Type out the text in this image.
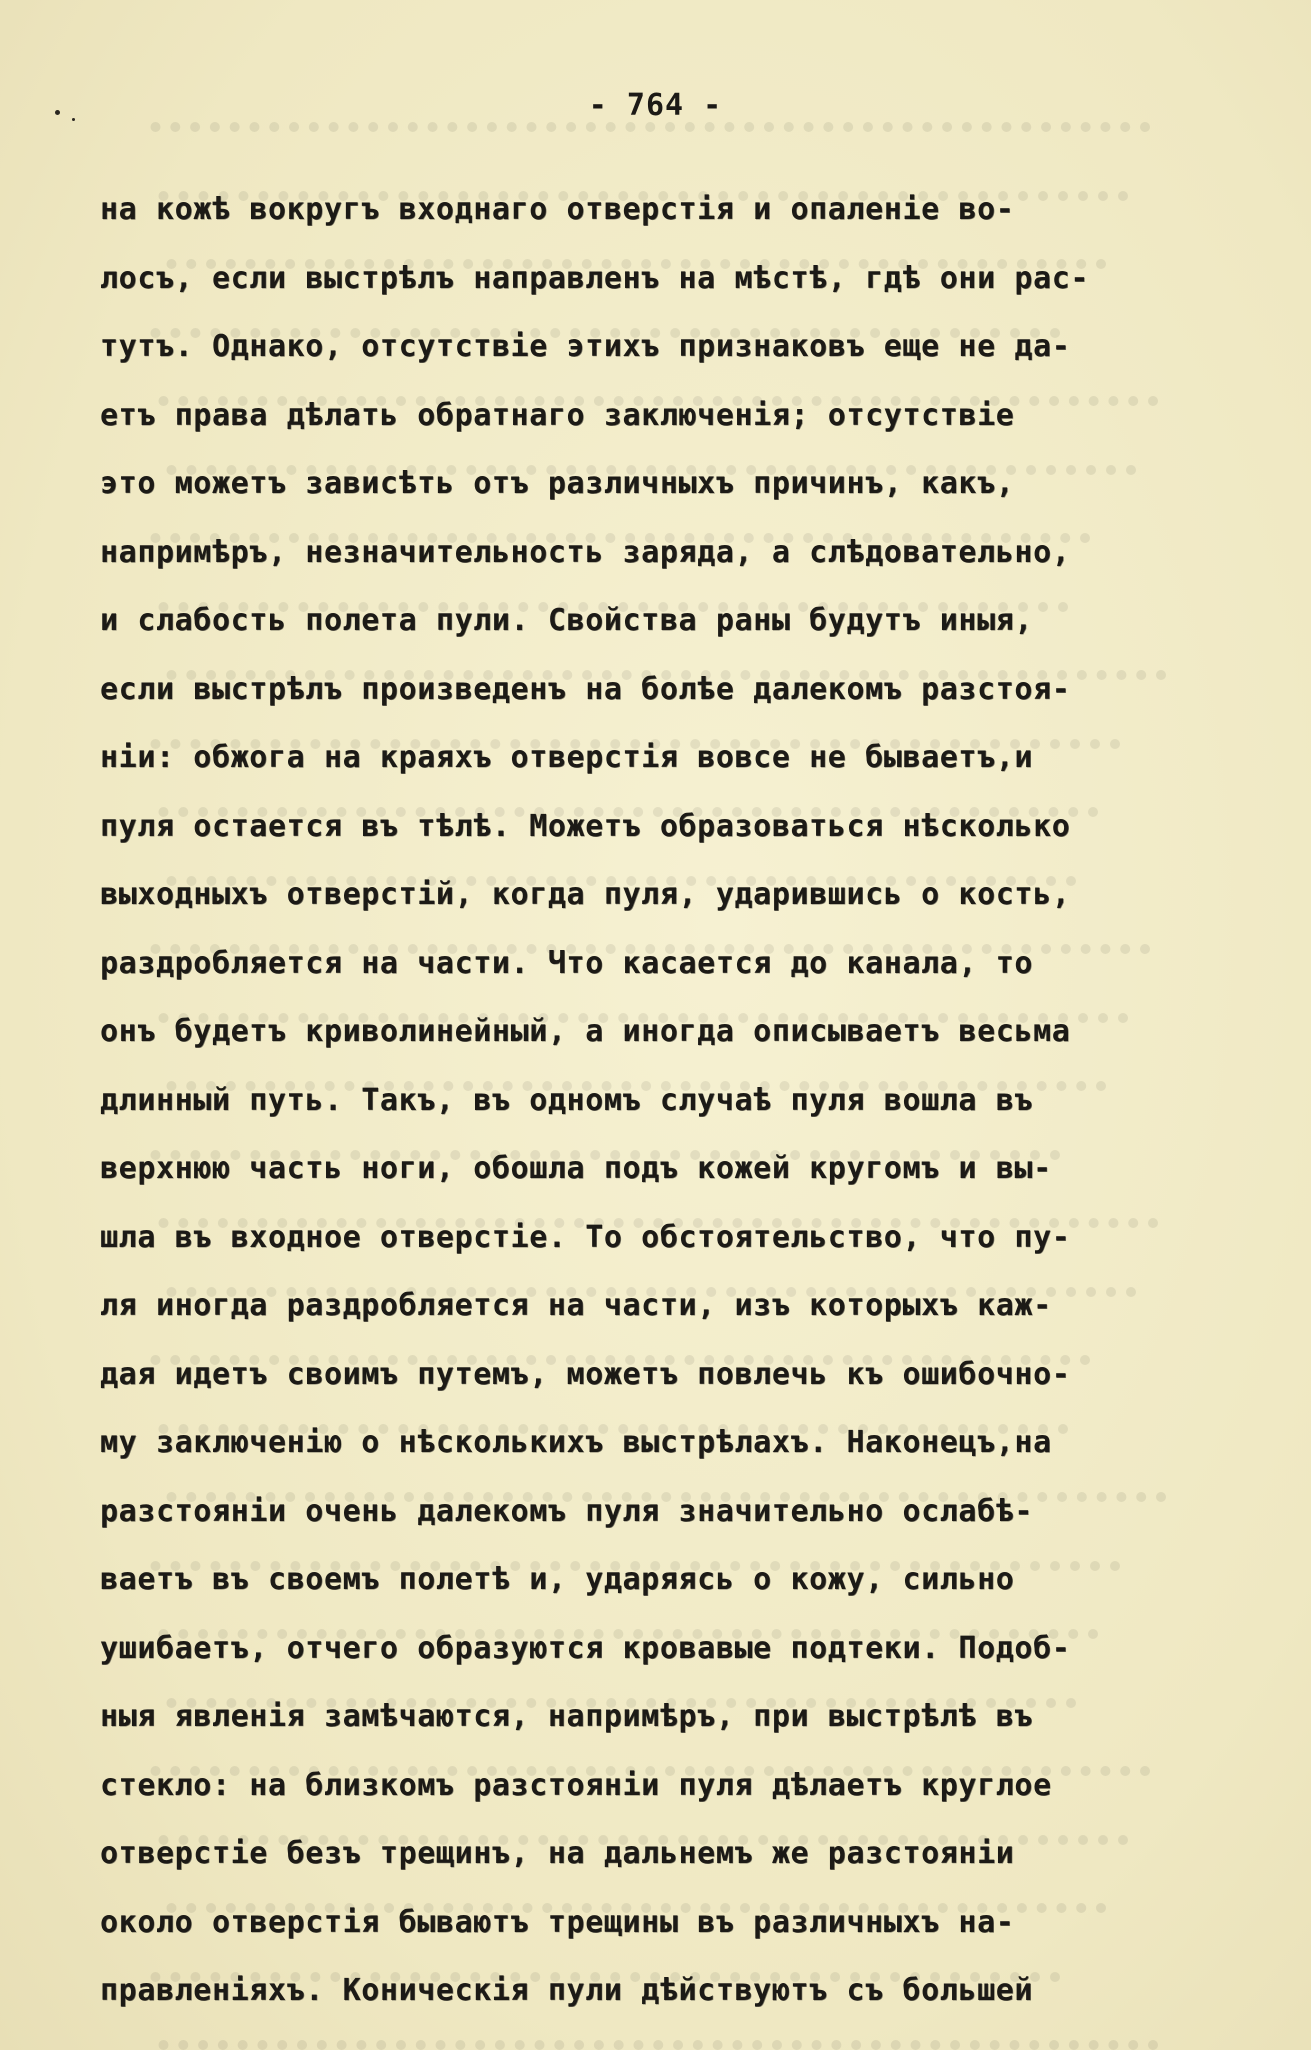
- 764 -
на кожѣ вокругъ входнаго отверстія и опаленіе во-
лосъ, если выстрѣлъ направленъ на мѣстѣ, гдѣ они рас-
тутъ. Однако, отсутствіе этихъ признаковъ еще не да-
етъ права дѣлать обратнаго заключенія; отсутствіе
это можетъ зависѣть отъ различныхъ причинъ, какъ,
напримѣръ, незначительность заряда, а слѣдовательно,
и слабость полета пули. Свойства раны будутъ иныя,
если выстрѣлъ произведенъ на болѣе далекомъ разстоя-
ніи: обжога на краяхъ отверстія вовсе не бываетъ,и
пуля остается въ тѣлѣ. Можетъ образоваться нѣсколько
выходныхъ отверстій, когда пуля, ударившись о кость,
раздробляется на части. Что касается до канала, то
онъ будетъ криволинейный, а иногда описываетъ весьма
длинный путь. Такъ, въ одномъ случаѣ пуля вошла въ
верхнюю часть ноги, обошла подъ кожей кругомъ и вы-
шла въ входное отверстіе. То обстоятельство, что пу-
ля иногда раздробляется на части, изъ которыхъ каж-
дая идетъ своимъ путемъ, можетъ повлечь къ ошибочно-
му заключенію о нѣсколькихъ выстрѣлахъ. Наконецъ,на
разстояніи очень далекомъ пуля значительно ослабѣ-
ваетъ въ своемъ полетѣ и, ударяясь о кожу, сильно
ушибаетъ, отчего образуются кровавые подтеки. Подоб-
ныя явленія замѣчаются, напримѣръ, при выстрѣлѣ въ
стекло: на близкомъ разстояніи пуля дѣлаетъ круглое
отверстіе безъ трещинъ, на дальнемъ же разстояніи
около отверстія бываютъ трещины въ различныхъ на-
правленіяхъ. Коническія пули дѣйствуютъ съ большей
